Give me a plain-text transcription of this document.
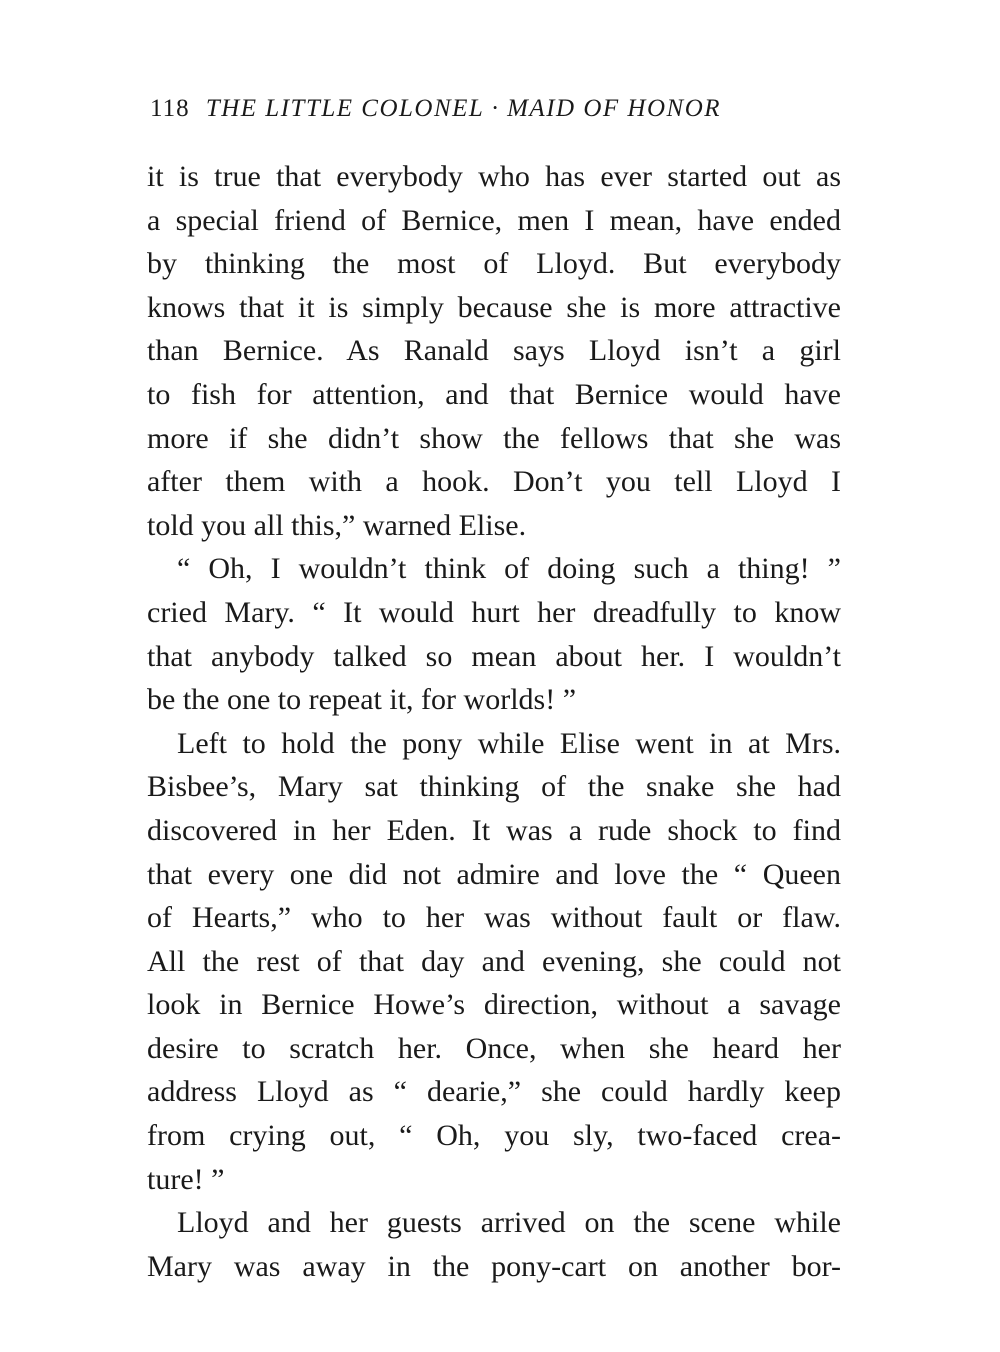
118 THE LITTLE COLONEL · MAID OF HONOR
it is true that everybody who has ever started out as
a special friend of Bernice, men I mean, have ended
by thinking the most of Lloyd. But everybody
knows that it is simply because she is more attractive
than Bernice. As Ranald says Lloyd isn’t a girl
to fish for attention, and that Bernice would have
more if she didn’t show the fellows that she was
after them with a hook. Don’t you tell Lloyd I
told you all this,” warned Elise.
“ Oh, I wouldn’t think of doing such a thing! ”
cried Mary. “ It would hurt her dreadfully to know
that anybody talked so mean about her. I wouldn’t
be the one to repeat it, for worlds! ”
Left to hold the pony while Elise went in at Mrs.
Bisbee’s, Mary sat thinking of the snake she had
discovered in her Eden. It was a rude shock to find
that every one did not admire and love the “ Queen
of Hearts,” who to her was without fault or flaw.
All the rest of that day and evening, she could not
look in Bernice Howe’s direction, without a savage
desire to scratch her. Once, when she heard her
address Lloyd as “ dearie,” she could hardly keep
from crying out, “ Oh, you sly, two-faced crea-
ture! ”
Lloyd and her guests arrived on the scene while
Mary was away in the pony-cart on another bor-
